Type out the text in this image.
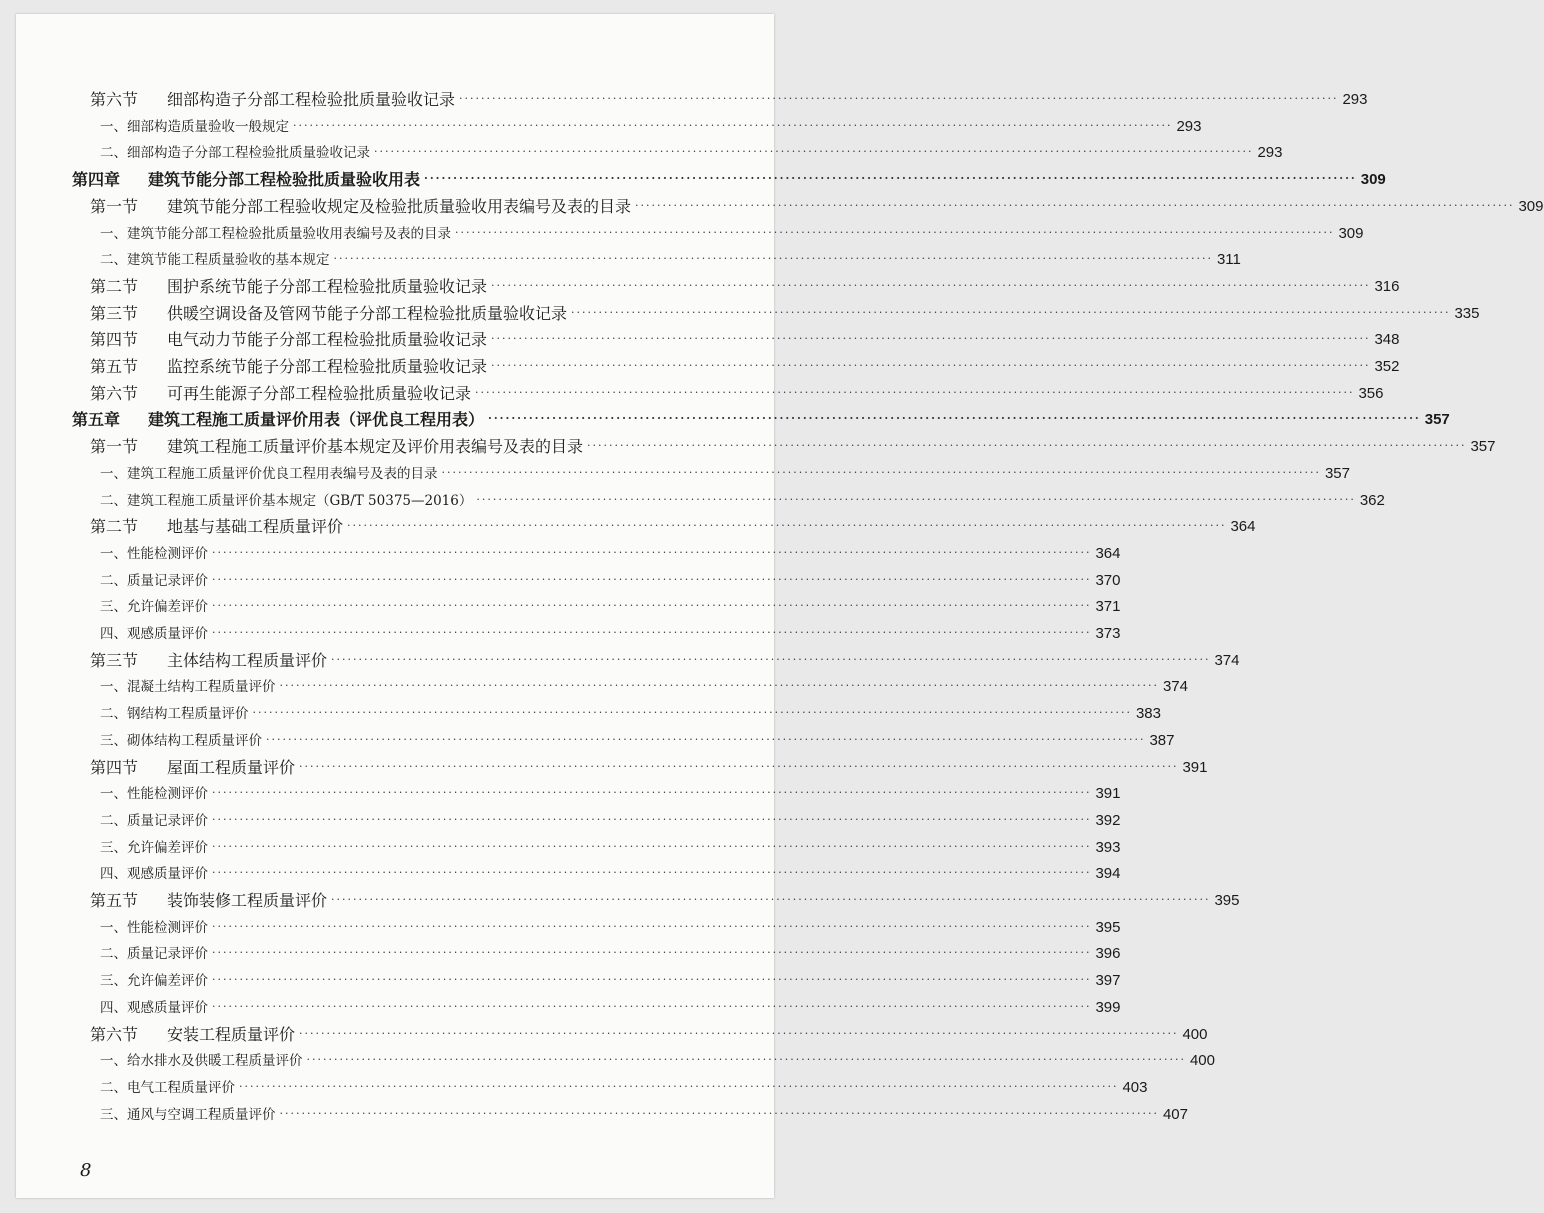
第六节 细部构造子分部工程检验批质量验收记录 ································································································································································ 293
一、细部构造质量验收一般规定 ································································································································································ 293
二、细部构造子分部工程检验批质量验收记录 ································································································································································ 293
第四章 建筑节能分部工程检验批质量验收用表 ································································································································································ 309
第一节 建筑节能分部工程验收规定及检验批质量验收用表编号及表的目录 ································································································································································ 309
一、建筑节能分部工程检验批质量验收用表编号及表的目录 ································································································································································ 309
二、建筑节能工程质量验收的基本规定 ································································································································································ 311
第二节 围护系统节能子分部工程检验批质量验收记录 ································································································································································ 316
第三节 供暖空调设备及管网节能子分部工程检验批质量验收记录 ································································································································································ 335
第四节 电气动力节能子分部工程检验批质量验收记录 ································································································································································ 348
第五节 监控系统节能子分部工程检验批质量验收记录 ································································································································································ 352
第六节 可再生能源子分部工程检验批质量验收记录 ································································································································································ 356
第五章 建筑工程施工质量评价用表（评优良工程用表） ································································································································································ 357
第一节 建筑工程施工质量评价基本规定及评价用表编号及表的目录 ································································································································································ 357
一、建筑工程施工质量评价优良工程用表编号及表的目录 ································································································································································ 357
二、建筑工程施工质量评价基本规定（GB/T 50375—2016） ································································································································································ 362
第二节 地基与基础工程质量评价 ································································································································································ 364
一、性能检测评价 ································································································································································ 364
二、质量记录评价 ································································································································································ 370
三、允许偏差评价 ································································································································································ 371
四、观感质量评价 ································································································································································ 373
第三节 主体结构工程质量评价 ································································································································································ 374
一、混凝土结构工程质量评价 ································································································································································ 374
二、钢结构工程质量评价 ································································································································································ 383
三、砌体结构工程质量评价 ································································································································································ 387
第四节 屋面工程质量评价 ································································································································································ 391
一、性能检测评价 ································································································································································ 391
二、质量记录评价 ································································································································································ 392
三、允许偏差评价 ································································································································································ 393
四、观感质量评价 ································································································································································ 394
第五节 装饰装修工程质量评价 ································································································································································ 395
一、性能检测评价 ································································································································································ 395
二、质量记录评价 ································································································································································ 396
三、允许偏差评价 ································································································································································ 397
四、观感质量评价 ································································································································································ 399
第六节 安装工程质量评价 ································································································································································ 400
一、给水排水及供暖工程质量评价 ································································································································································ 400
二、电气工程质量评价 ································································································································································ 403
三、通风与空调工程质量评价 ································································································································································ 407
8
